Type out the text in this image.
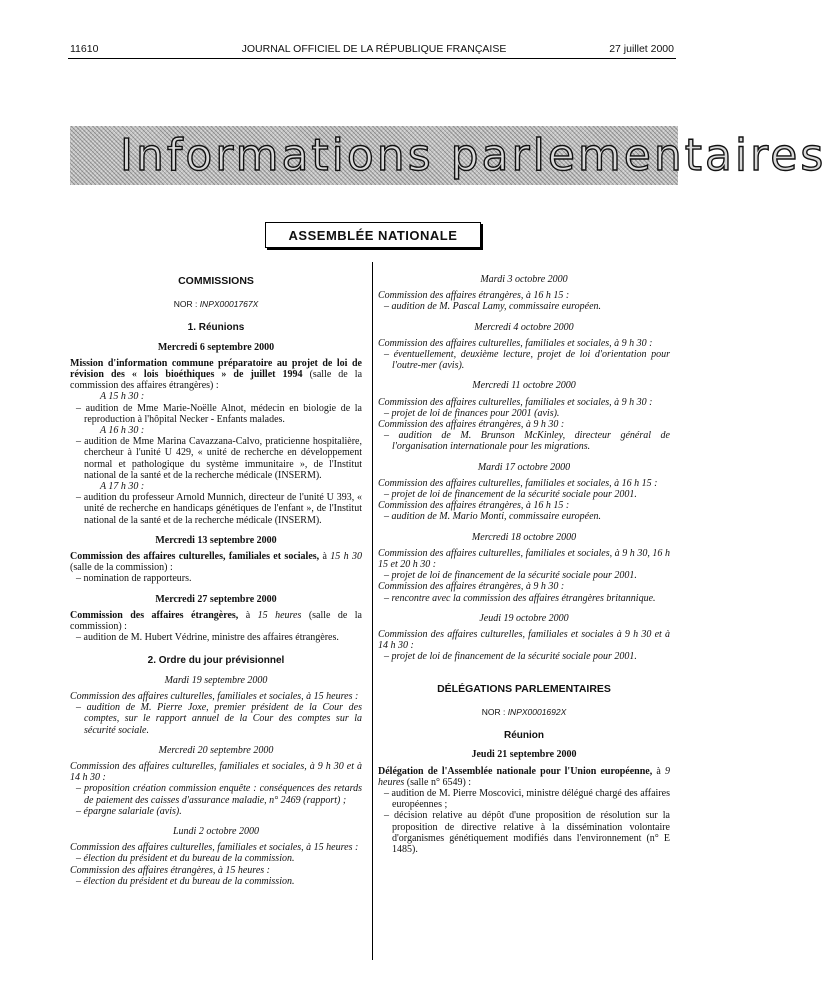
11610	JOURNAL OFFICIEL DE LA RÉPUBLIQUE FRANÇAISE	27 juillet 2000
Informations parlementaires
ASSEMBLÉE NATIONALE
COMMISSIONS
NOR : INPX0001767X
1. Réunions
Mercredi 6 septembre 2000

Mission d'information commune préparatoire au projet de loi de révision des « lois bioéthiques » de juillet 1994 (salle de la commission des affaires étrangères) :

A 15 h 30 :

– audition de Mme Marie-Noëlle Alnot, médecin en biologie de la reproduction à l'hôpital Necker - Enfants malades.

A 16 h 30 :

– audition de Mme Marina Cavazzana-Calvo, praticienne hospitalière, chercheur à l'unité U 429, « unité de recherche en développement normal et pathologique du système immunitaire », de l'Institut national de la santé et de la recherche médicale (INSERM).

A 17 h 30 :

– audition du professeur Arnold Munnich, directeur de l'unité U 393, « unité de recherche en handicaps génétiques de l'enfant », de l'Institut national de la santé et de la recherche médicale (INSERM).

Mercredi 13 septembre 2000

Commission des affaires culturelles, familiales et sociales, à 15 h 30 (salle de la commission) :

– nomination de rapporteurs.

Mercredi 27 septembre 2000

Commission des affaires étrangères, à 15 heures (salle de la commission) :

– audition de M. Hubert Védrine, ministre des affaires étrangères.

2. Ordre du jour prévisionnel
Mardi 19 septembre 2000

Commission des affaires culturelles, familiales et sociales, à 15 heures :

– audition de M. Pierre Joxe, premier président de la Cour des comptes, sur le rapport annuel de la Cour des comptes sur la sécurité sociale.

Mercredi 20 septembre 2000

Commission des affaires culturelles, familiales et sociales, à 9 h 30 et à 14 h 30 :

– proposition création commission enquête : conséquences des retards de paiement des caisses d'assurance maladie, n° 2469 (rapport) ;

– épargne salariale (avis).

Lundi 2 octobre 2000

Commission des affaires culturelles, familiales et sociales, à 15 heures :

– élection du président et du bureau de la commission.

Commission des affaires étrangères, à 15 heures :

– élection du président et du bureau de la commission.

Mardi 3 octobre 2000

Commission des affaires étrangères, à 16 h 15 :

– audition de M. Pascal Lamy, commissaire européen.

Mercredi 4 octobre 2000

Commission des affaires culturelles, familiales et sociales, à 9 h 30 :

– éventuellement, deuxième lecture, projet de loi d'orientation pour l'outre-mer (avis).

Mercredi 11 octobre 2000

Commission des affaires culturelles, familiales et sociales, à 9 h 30 :

– projet de loi de finances pour 2001 (avis).

Commission des affaires étrangères, à 9 h 30 :

– audition de M. Brunson McKinley, directeur général de l'organisation internationale pour les migrations.

Mardi 17 octobre 2000

Commission des affaires culturelles, familiales et sociales, à 16 h 15 :

– projet de loi de financement de la sécurité sociale pour 2001.

Commission des affaires étrangères, à 16 h 15 :

– audition de M. Mario Monti, commissaire européen.

Mercredi 18 octobre 2000

Commission des affaires culturelles, familiales et sociales, à 9 h 30, 16 h 15 et 20 h 30 :

– projet de loi de financement de la sécurité sociale pour 2001.

Commission des affaires étrangères, à 9 h 30 :

– rencontre avec la commission des affaires étrangères britannique.

Jeudi 19 octobre 2000

Commission des affaires culturelles, familiales et sociales à 9 h 30 et à 14 h 30 :

– projet de loi de financement de la sécurité sociale pour 2001.

DÉLÉGATIONS PARLEMENTAIRES
NOR : INPX0001692X
Réunion
Jeudi 21 septembre 2000

Délégation de l'Assemblée nationale pour l'Union européenne, à 9 heures (salle n° 6549) :

– audition de M. Pierre Moscovici, ministre délégué chargé des affaires européennes ;

– décision relative au dépôt d'une proposition de résolution sur la proposition de directive relative à la dissémination volontaire d'organismes génétiquement modifiés dans l'environnement (n° E 1485).
